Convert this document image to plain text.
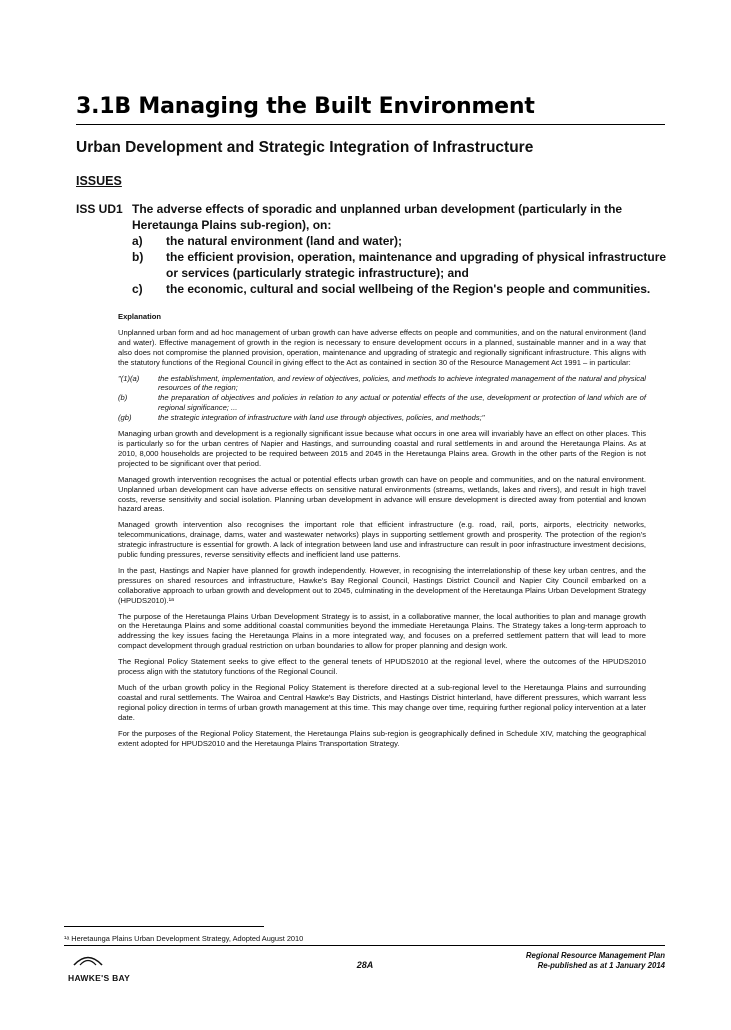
3.1B Managing the Built Environment
Urban Development and Strategic Integration of Infrastructure
ISSUES
ISS UD1 The adverse effects of sporadic and unplanned urban development (particularly in the Heretaunga Plains sub-region), on:
a)	the natural environment (land and water);
b)	the efficient provision, operation, maintenance and upgrading of physical infrastructure or services (particularly strategic infrastructure); and
c)	the economic, cultural and social wellbeing of the Region's people and communities.

Explanation

Unplanned urban form and ad hoc management of urban growth can have adverse effects on people and communities, and on the natural environment (land and water). Effective management of growth in the region is necessary to ensure development occurs in a planned, sustainable manner and in a way that also does not compromise the planned provision, operation, maintenance and upgrading of strategic and regionally significant infrastructure. This aligns with the statutory functions of the Regional Council in giving effect to the Act as contained in section 30 of the Resource Management Act 1991 – in particular:

"(1)(a)	the establishment, implementation, and review of objectives, policies, and methods to achieve integrated management of the natural and physical resources of the region;
(b)	the preparation of objectives and policies in relation to any actual or potential effects of the use, development or protection of land which are of regional significance; ...
(gb)	the strategic integration of infrastructure with land use through objectives, policies, and methods;"

Managing urban growth and development is a regionally significant issue because what occurs in one area will invariably have an effect on other places. This is particularly so for the urban centres of Napier and Hastings, and surrounding coastal and rural settlements in and around the Heretaunga Plains. As at 2010, 8,000 households are projected to be required between 2015 and 2045 in the Heretaunga Plains area. Growth in the other parts of the Region is not projected to be significant over that period.

Managed growth intervention recognises the actual or potential effects urban growth can have on people and communities, and on the natural environment. Unplanned urban development can have adverse effects on sensitive natural environments (streams, wetlands, lakes and rivers), and result in high travel costs, reverse sensitivity and social isolation. Planning urban development in advance will ensure development is directed away from potential and known hazard areas.

Managed growth intervention also recognises the important role that efficient infrastructure (e.g. road, rail, ports, airports, electricity networks, telecommunications, drainage, dams, water and wastewater networks) plays in supporting settlement growth and prosperity. The protection of the region's strategic infrastructure is essential for growth. A lack of integration between land use and infrastructure can result in poor infrastructure investment decisions, public funding pressures, reverse sensitivity effects and inefficient land use patterns.

In the past, Hastings and Napier have planned for growth independently. However, in recognising the interrelationship of these key urban centres, and the pressures on shared resources and infrastructure, Hawke's Bay Regional Council, Hastings District Council and Napier City Council embarked on a collaborative approach to urban growth and development out to 2045, culminating in the development of the Heretaunga Plains Urban Development Strategy (HPUDS2010).¹ᵃ

The purpose of the Heretaunga Plains Urban Development Strategy is to assist, in a collaborative manner, the local authorities to plan and manage growth on the Heretaunga Plains and some additional coastal communities beyond the immediate Heretaunga Plains. The Strategy takes a long-term approach to addressing the key issues facing the Heretaunga Plains in a more integrated way, and focuses on a preferred settlement pattern that will lead to more compact development through gradual restriction on urban boundaries to allow for proper planning and design work.

The Regional Policy Statement seeks to give effect to the general tenets of HPUDS2010 at the regional level, where the outcomes of the HPUDS2010 process align with the statutory functions of the Regional Council.

Much of the urban growth policy in the Regional Policy Statement is therefore directed at a sub-regional level to the Heretaunga Plains and surrounding coastal and rural settlements. The Wairoa and Central Hawke's Bay Districts, and Hastings District hinterland, have different pressures, which warrant less regional policy direction in terms of urban growth management at this time. This may change over time, requiring further regional policy intervention at a later date.

For the purposes of the Regional Policy Statement, the Heretaunga Plains sub-region is geographically defined in Schedule XIV, matching the geographical extent adopted for HPUDS2010 and the Heretaunga Plains Transportation Strategy.

¹ᵃ Heretaunga Plains Urban Development Strategy, Adopted August 2010
HAWKE'S BAY
28A
Regional Resource Management Plan
Re-published as at 1 January 2014
